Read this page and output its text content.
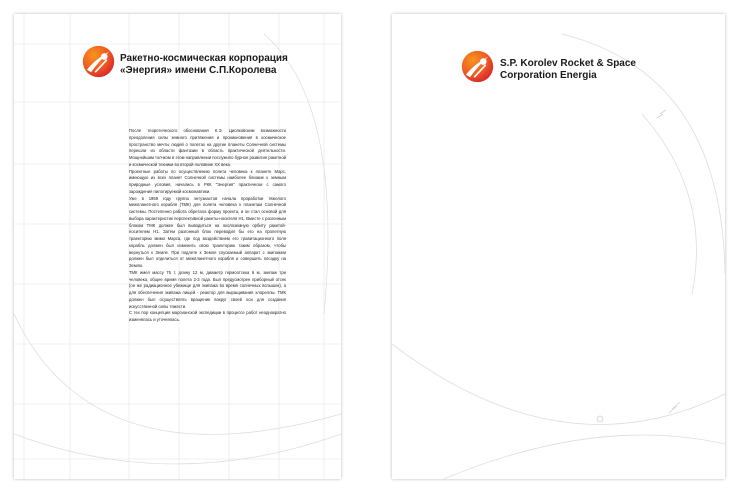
Ракетно-космическая корпорация
«Энергия» имени С.П.Королева

После теоретического обоснования К.Э. Циолковским возможности преодоления силы земного притяжения и проникновения в космическое пространство мечты людей о полетах на другие планеты Солнечной системы перешли из области фантазии в область практической деятельности. Мощнейшим толчком в этом направлении послужило бурное развитие ракетной и космической техники во второй половине XX века.

Проектные работы по осуществлению полета человека к планете Марс, имеющую из всех планет Солнечной системы наиболее близкие к земным природные условия, начались в РКК "Энергия" практически с самого зарождения пилотируемой космонавтики.

Уже в 1959 году группа энтузиастов начала проработки тяжелого межпланетного корабля (ТМК) для полета человека к планетам Солнечной системы. Постепенно работа обретала форму проекта, и он стал основой для выбора характеристик перспективной ракеты-носителя Н1. Вместе с разгонным блоком ТМК должен был выводиться на околоземную орбиту ракетой-носителем Н1. Затем разгонный блок переводил бы его на пролетную траекторию мимо Марса, где под воздействием его гравитационного поля корабль должен был изменить свою траекторию таким образом, чтобы вернуться к Земле. При подлете к Земле спускаемый аппарат с экипажем должен был отделиться от межпланетного корабля и совершить посадку на Землю.

ТМК имел массу 75 т, длину 12 м, диаметр гермоотсека 6 м, экипаж три человека, общее время полета 2-3 года. Был предусмотрен приборный отсек (он же радиационное убежище для экипажа во время солнечных вспышек), а для обеспечения экипажа пищей - реактор для выращивания хлореллы. ТМК должен был осуществлять вращение вокруг своей оси для создания искусственной силы тяжести.

С тех пор концепция марсианской экспедиции в процессе работ неоднократно изменялась и уточнялась.

S.P. Korolev Rocket & Space
Corporation Energia
